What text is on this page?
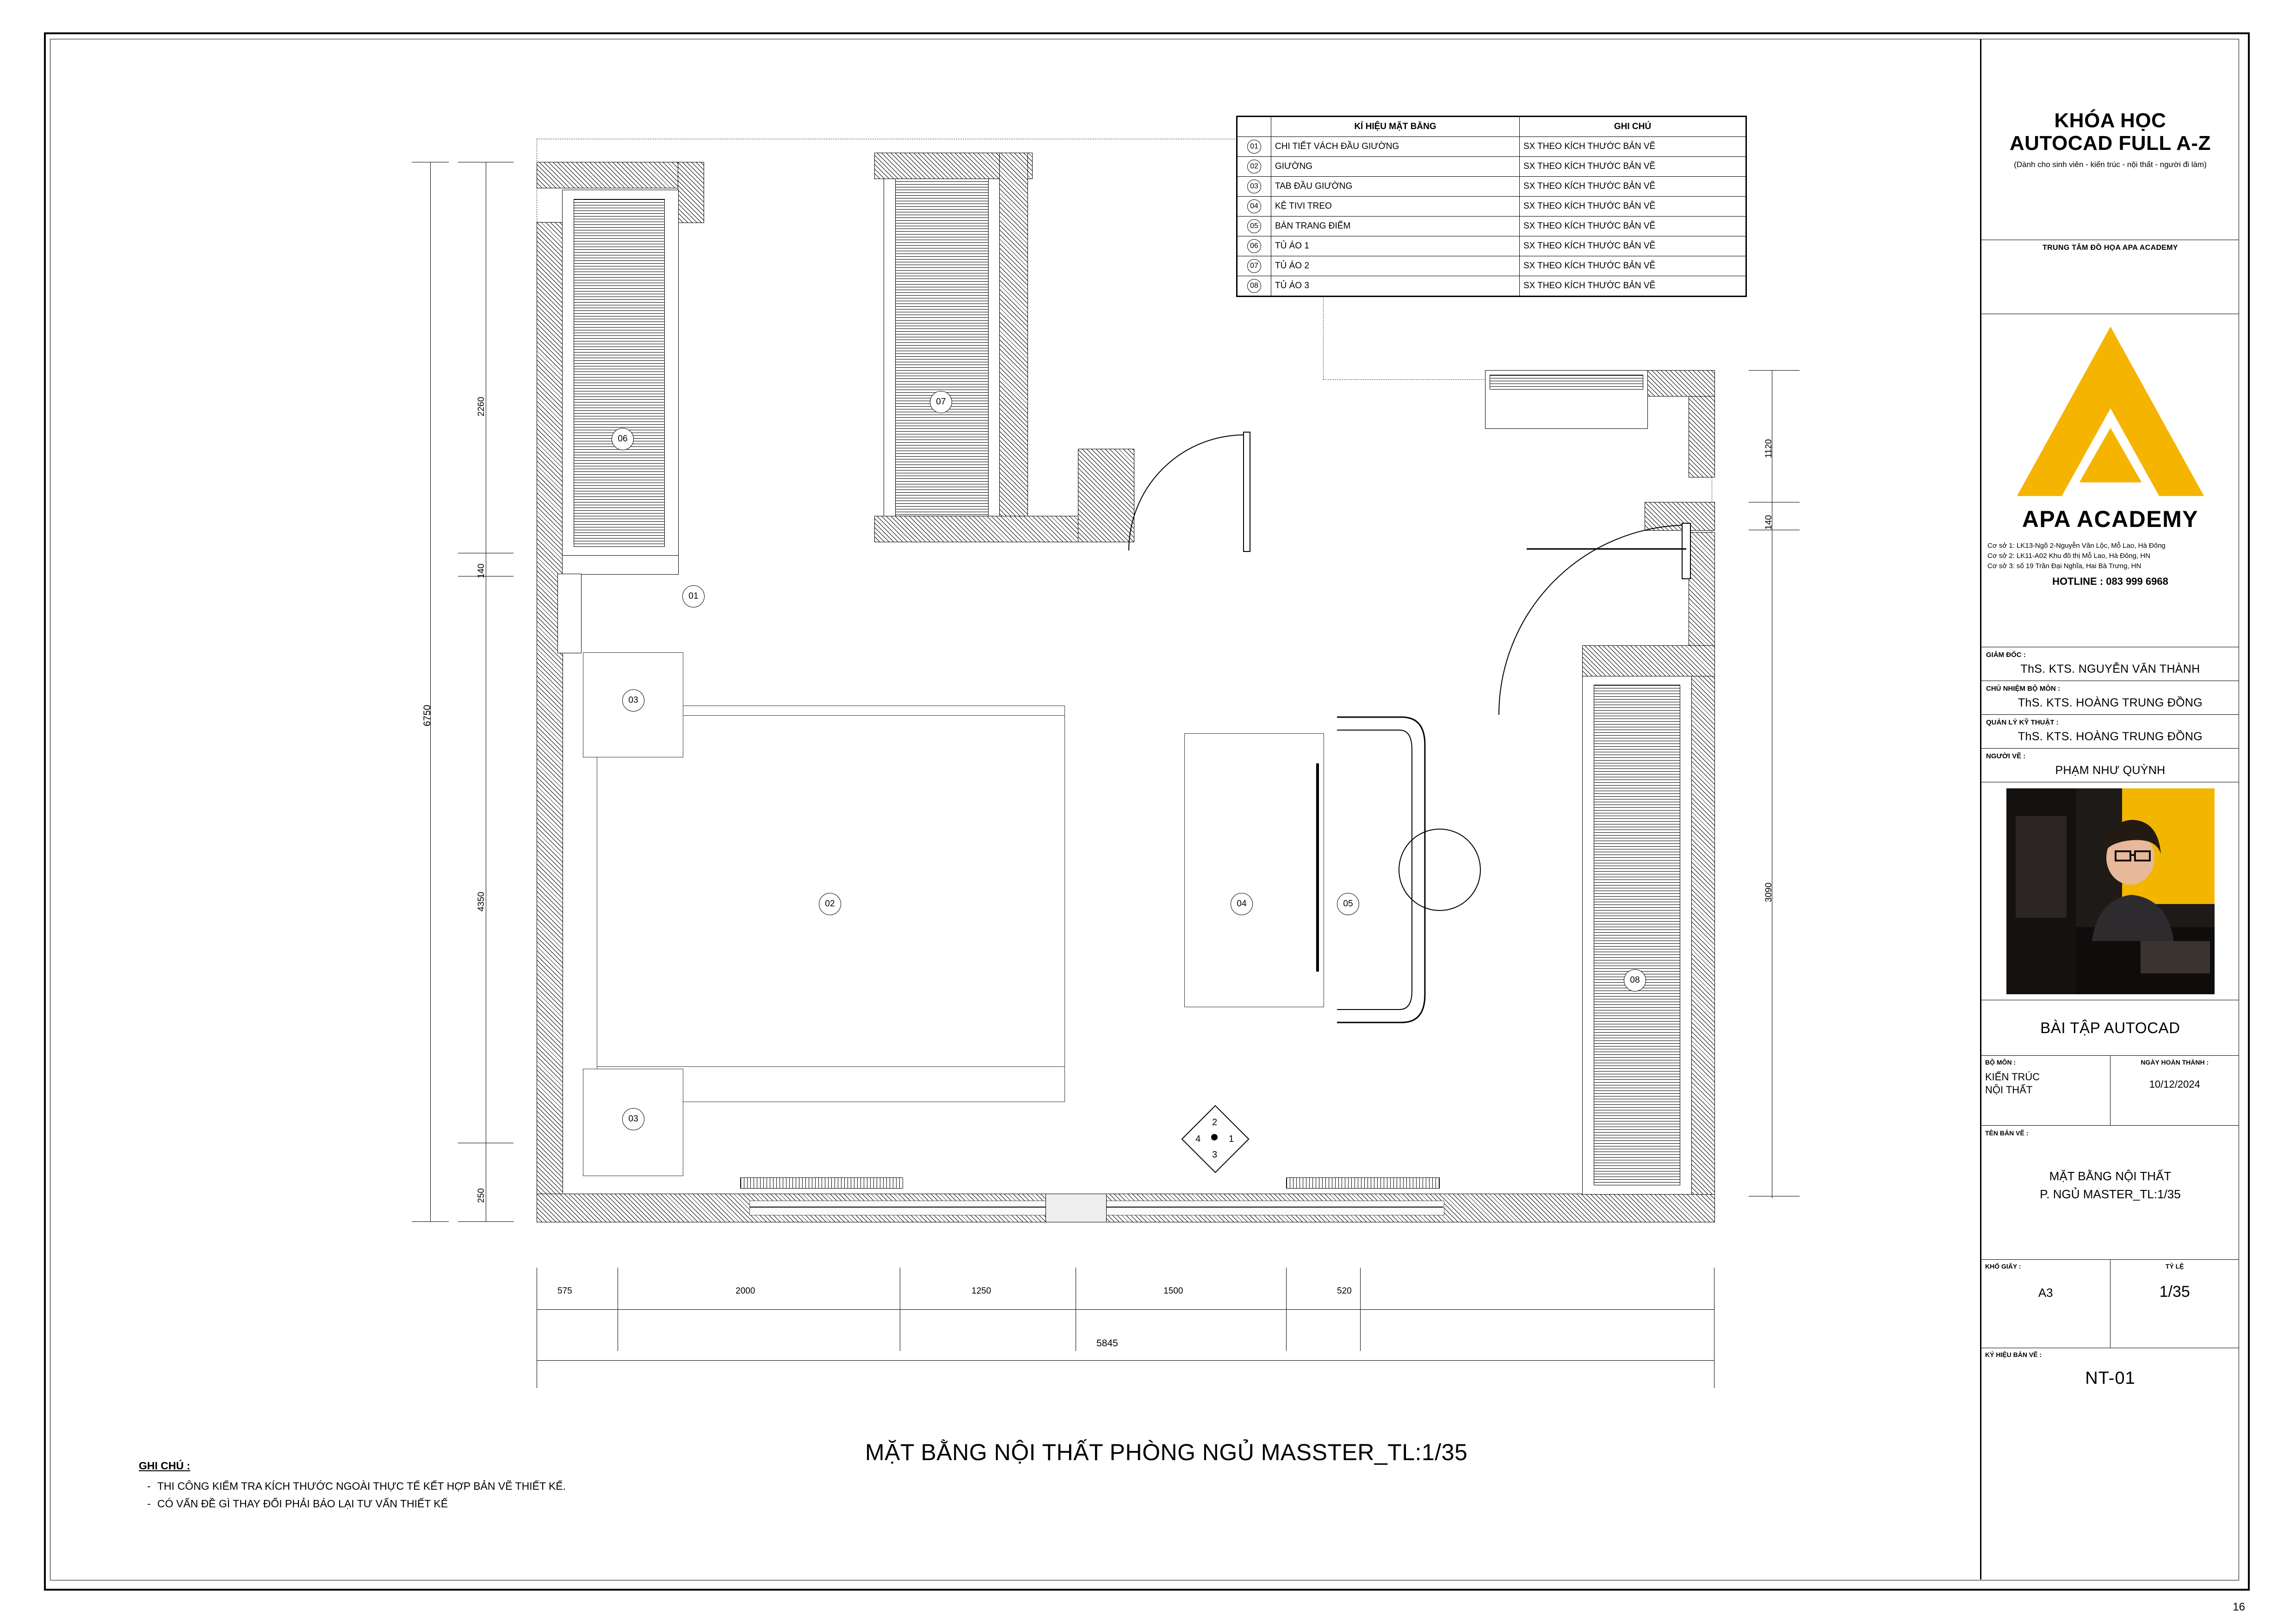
06
07
01
03
03
02	04	05
08
2
1
3
4
575	2000	1250	1500	520
5845
2260
140
4350
250
6750
1120
140
3090
MẶT BẰNG NỘI THẤT PHÒNG NGỦ MASSTER_TL:1/35
	KÍ HIỆU MẶT BẰNG	GHI CHÚ
01	CHI TIẾT VÁCH ĐẦU GIƯỜNG	SX THEO KÍCH THƯỚC BẢN VẼ
02	GIƯỜNG	SX THEO KÍCH THƯỚC BẢN VẼ
03	TAB ĐẦU GIƯỜNG	SX THEO KÍCH THƯỚC BẢN VẼ
04	KỆ TIVI TREO	SX THEO KÍCH THƯỚC BẢN VẼ
05	BÀN TRANG ĐIỂM	SX THEO KÍCH THƯỚC BẢN VẼ
06	TỦ ÁO 1	SX THEO KÍCH THƯỚC BẢN VẼ
07	TỦ ÁO 2	SX THEO KÍCH THƯỚC BẢN VẼ
08	TỦ ÁO 3	SX THEO KÍCH THƯỚC BẢN VẼ
GHI CHÚ :
- THI CÔNG KIỂM TRA KÍCH THƯỚC NGOÀI THỰC TẾ KẾT HỢP BẢN VẼ THIẾT KẾ.
- CÓ VẤN ĐỀ GÌ THAY ĐỔI PHẢI BÁO LẠI TƯ VẤN THIẾT KẾ
KHÓA HỌC
AUTOCAD FULL A-Z
(Dành cho sinh viên - kiến trúc - nội thất - người đi làm)
TRUNG TÂM ĐỒ HỌA APA ACADEMY
APA ACADEMY
Cơ sở 1: LK13-Ngõ 2-Nguyễn Văn Lộc, Mỗ Lao, Hà Đông
Cơ sở 2: LK11-A02 Khu đô thị Mỗ Lao, Hà Đông, HN
Cơ sở 3: số 19 Trần Đại Nghĩa, Hai Bà Trưng, HN
HOTLINE : 083 999 6968
GIÁM ĐỐC :
ThS. KTS. NGUYỄN VĂN THÀNH
CHỦ NHIỆM BỘ MÔN :
ThS. KTS. HOÀNG TRUNG ĐỒNG
QUẢN LÝ KỸ THUẬT :
ThS. KTS. HOÀNG TRUNG ĐỒNG
NGƯỜI VẼ :
PHẠM NHƯ QUỲNH
BÀI TẬP AUTOCAD
BỘ MÔN :
KIẾN TRÚC
NỘI THẤT
NGÀY HOÀN THÀNH :
10/12/2024
TÊN BẢN VẼ :
MẶT BẰNG NỘI THẤT
P. NGỦ MASTER_TL:1/35
KHỔ GIẤY :
A3
TỶ LỆ
1/35
KÝ HIỆU BẢN VẼ :
NT-01
16
